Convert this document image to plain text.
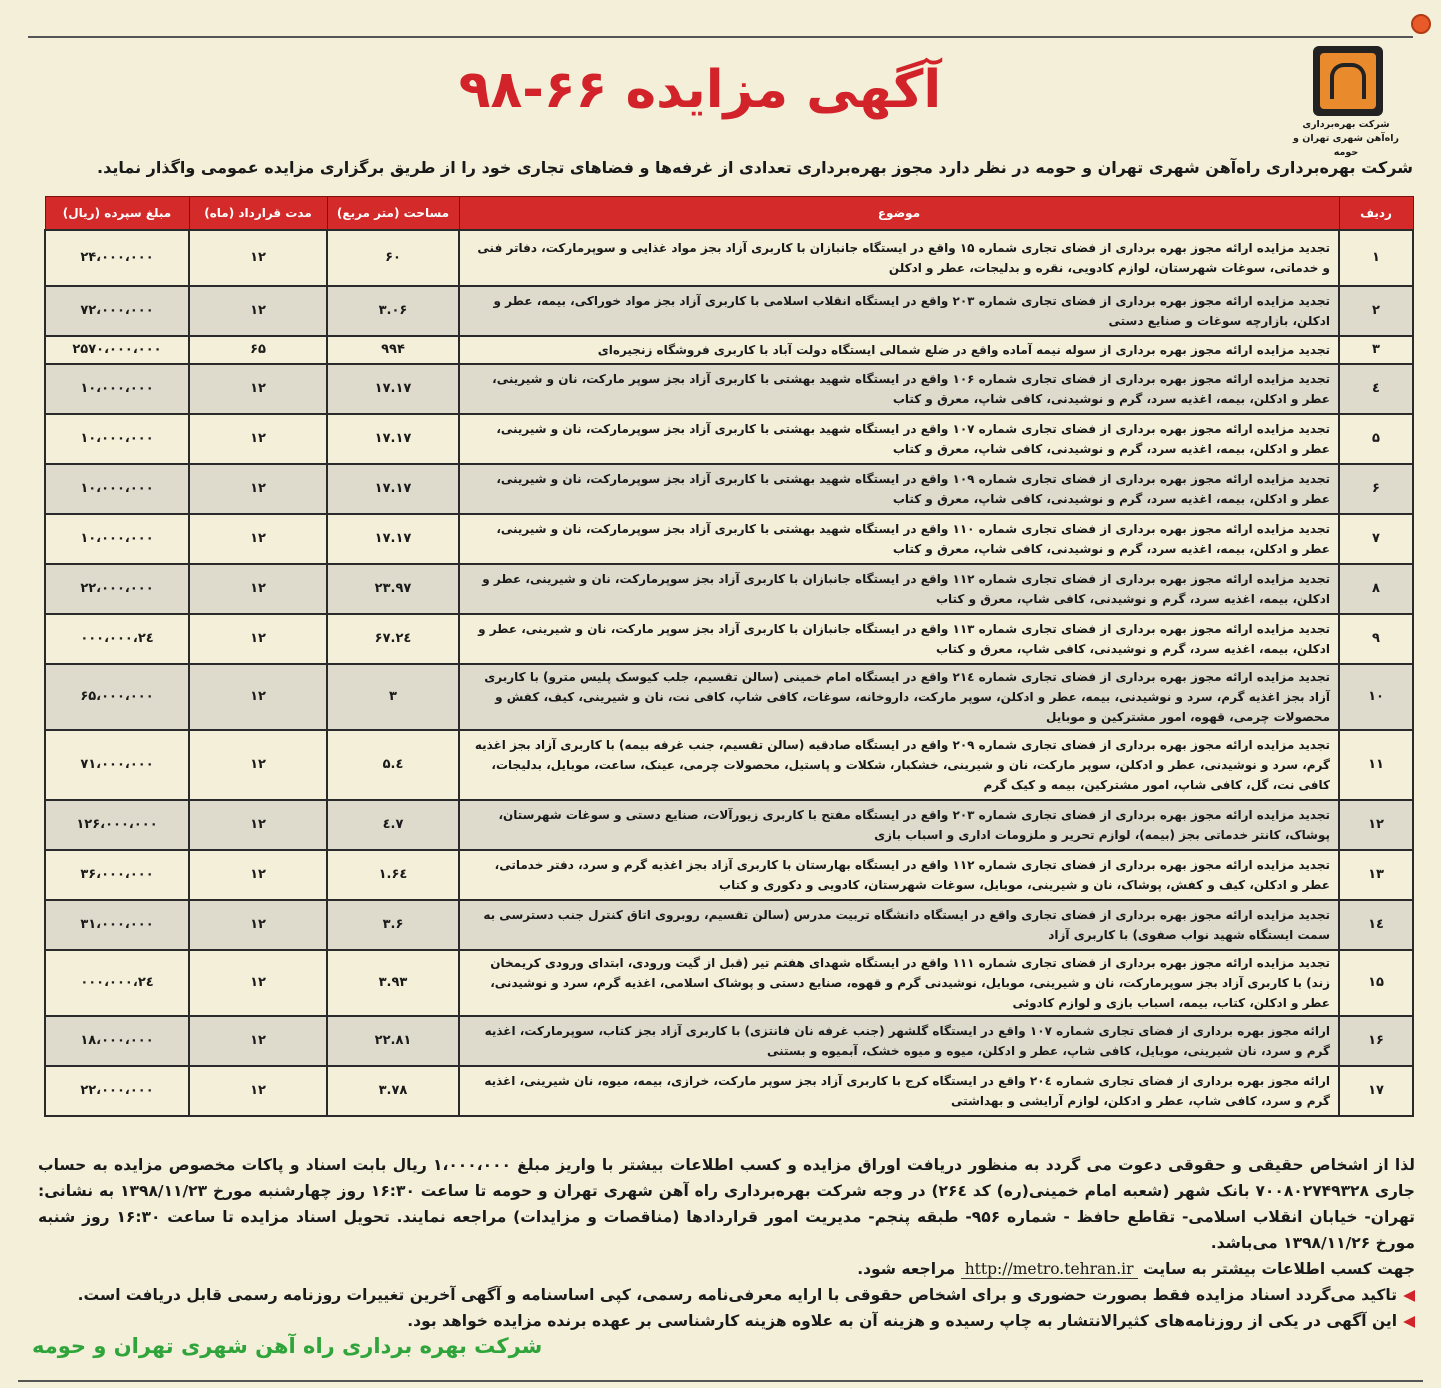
شرکت بهره‌برداری
راه‌آهن شهری تهران و حومه
آگهی مزایده ۶۶-۹۸
شرکت بهره‌برداری راه‌آهن شهری تهران و حومه در نظر دارد مجوز بهره‌برداری تعدادی از غرفه‌ها و فضاهای تجاری خود را از طریق برگزاری مزایده عمومی واگذار نماید.
ردیف	موضوع	مساحت (متر مربع)	مدت قرارداد (ماه)	مبلغ سپرده (ریال)
۱	تجدید مزایده ارائه مجوز بهره برداری از فضای تجاری شماره ۱۵ واقع در ایستگاه جانبازان با کاربری آزاد بجز مواد غذایی و سوپرمارکت، دفاتر فنی و خدماتی، سوغات شهرستان، لوازم کادویی، نقره و بدلیجات، عطر و ادکلن	۶۰	۱۲	۲۴،۰۰۰،۰۰۰
۲	تجدید مزایده ارائه مجوز بهره برداری از فضای تجاری شماره ۲۰۳ واقع در ایستگاه انقلاب اسلامی با کاربری آزاد بجز مواد خوراکی، بیمه، عطر و ادکلن، بازارچه سوغات و صنایع دستی	۳.۰۶	۱۲	۷۲،۰۰۰،۰۰۰
۳	تجدید مزایده ارائه مجوز بهره برداری از سوله نیمه آماده واقع در ضلع شمالی ایستگاه دولت آباد با کاربری فروشگاه زنجیره‌ای	۹۹۴	۶۵	۲۵۷۰،۰۰۰،۰۰۰
٤	تجدید مزایده ارائه مجوز بهره برداری از فضای تجاری شماره ۱۰۶ واقع در ایستگاه شهید بهشتی با کاربری آزاد بجز سوپر مارکت، نان و شیرینی، عطر و ادکلن، بیمه، اغذیه سرد، گرم و نوشیدنی، کافی شاپ، معرق و کتاب	۱۷.۱۷	۱۲	۱۰،۰۰۰،۰۰۰
۵	تجدید مزایده ارائه مجوز بهره برداری از فضای تجاری شماره ۱۰۷ واقع در ایستگاه شهید بهشتی با کاربری آزاد بجز سوپرمارکت، نان و شیرینی، عطر و ادکلن، بیمه، اغذیه سرد، گرم و نوشیدنی، کافی شاپ، معرق و کتاب	۱۷.۱۷	۱۲	۱۰،۰۰۰،۰۰۰
۶	تجدید مزایده ارائه مجوز بهره برداری از فضای تجاری شماره ۱۰۹ واقع در ایستگاه شهید بهشتی با کاربری آزاد بجز سوپرمارکت، نان و شیرینی، عطر و ادکلن، بیمه، اغذیه سرد، گرم و نوشیدنی، کافی شاپ، معرق و کتاب	۱۷.۱۷	۱۲	۱۰،۰۰۰،۰۰۰
۷	تجدید مزایده ارائه مجوز بهره برداری از فضای تجاری شماره ۱۱۰ واقع در ایستگاه شهید بهشتی با کاربری آزاد بجز سوپرمارکت، نان و شیرینی، عطر و ادکلن، بیمه، اغذیه سرد، گرم و نوشیدنی، کافی شاپ، معرق و کتاب	۱۷.۱۷	۱۲	۱۰،۰۰۰،۰۰۰
۸	تجدید مزایده ارائه مجوز بهره برداری از فضای تجاری شماره ۱۱۲ واقع در ایستگاه جانبازان با کاربری آزاد بجز سوپرمارکت، نان و شیرینی، عطر و ادکلن، بیمه، اغذیه سرد، گرم و نوشیدنی، کافی شاپ، معرق و کتاب	۲۳.۹۷	۱۲	۲۲،۰۰۰،۰۰۰
۹	تجدید مزایده ارائه مجوز بهره برداری از فضای تجاری شماره ۱۱۳ واقع در ایستگاه جانبازان با کاربری آزاد بجز سوپر مارکت، نان و شیرینی، عطر و ادکلن، بیمه، اغذیه سرد، گرم و نوشیدنی، کافی شاپ، معرق و کتاب	۲٤.۶۷	۱۲	۲٤،۰۰۰،۰۰۰
۱۰	تجدید مزایده ارائه مجوز بهره برداری از فضای تجاری شماره ۲۱٤ واقع در ایستگاه امام خمینی (سالن تقسیم، جلب کیوسک پلیس مترو) با کاربری آزاد بجز اغذیه گرم، سرد و نوشیدنی، بیمه، عطر و ادکلن، سوپر مارکت، داروخانه، سوغات، کافی شاپ، کافی نت، نان و شیرینی، کیف، کفش و محصولات چرمی، قهوه، امور مشترکین و موبایل	۳	۱۲	۶۵،۰۰۰،۰۰۰
۱۱	تجدید مزایده ارائه مجوز بهره برداری از فضای تجاری شماره ۲۰۹ واقع در ایستگاه صادقیه (سالن تقسیم، جنب غرفه بیمه) با کاربری آزاد بجز اغذیه گرم، سرد و نوشیدنی، عطر و ادکلن، سوپر مارکت، نان و شیرینی، خشکبار، شکلات و پاستیل، محصولات چرمی، عینک، ساعت، موبایل، بدلیجات، کافی نت، گل، کافی شاپ، امور مشترکین، بیمه و کیک گرم	٤.۵	۱۲	۷۱،۰۰۰،۰۰۰
۱۲	تجدید مزایده ارائه مجوز بهره برداری از فضای تجاری شماره ۲۰۳ واقع در ایستگاه مفتح با کاربری زیورآلات، صنایع دستی و سوغات شهرستان، پوشاک، کانتر خدماتی بجز (بیمه)، لوازم تحریر و ملزومات اداری و اسباب بازی	۷.٤	۱۲	۱۲۶،۰۰۰،۰۰۰
۱۳	تجدید مزایده ارائه مجوز بهره برداری از فضای تجاری شماره ۱۱۲ واقع در ایستگاه بهارستان با کاربری آزاد بجز اغذیه گرم و سرد، دفتر خدماتی، عطر و ادکلن، کیف و کفش، پوشاک، نان و شیرینی، موبایل، سوغات شهرستان، کادویی و دکوری و کتاب	۱.۶٤	۱۲	۳۶،۰۰۰،۰۰۰
۱٤	تجدید مزایده ارائه مجوز بهره برداری از فضای تجاری واقع در ایستگاه دانشگاه تربیت مدرس (سالن تقسیم، روبروی اتاق کنترل جنب دسترسی به سمت ایستگاه شهید نواب صفوی) با کاربری آزاد	۳.۶	۱۲	۳۱،۰۰۰،۰۰۰
۱۵	تجدید مزایده ارائه مجوز بهره برداری از فضای تجاری شماره ۱۱۱ واقع در ایستگاه شهدای هفتم تیر (قبل از گیت ورودی، ابتدای ورودی کریمخان زند) با کاربری آزاد بجز سوپرمارکت، نان و شیرینی، موبایل، نوشیدنی گرم و قهوه، صنایع دستی و پوشاک اسلامی، اغذیه گرم، سرد و نوشیدنی، عطر و ادکلن، کتاب، بیمه، اسباب بازی و لوازم کادوئی	۳.۹۳	۱۲	۲٤،۰۰۰،۰۰۰
۱۶	ارائه مجوز بهره برداری از فضای تجاری شماره ۱۰۷ واقع در ایستگاه گلشهر (جنب غرفه نان فانتزی) با کاربری آزاد بجز کتاب، سوپرمارکت، اغذیه گرم و سرد، نان شیرینی، موبایل، کافی شاپ، عطر و ادکلن، میوه و میوه خشک، آبمیوه و بستنی	۲۲.۸۱	۱۲	۱۸،۰۰۰،۰۰۰
۱۷	ارائه مجوز بهره برداری از فضای تجاری شماره ۲۰٤ واقع در ایستگاه کرج با کاربری آزاد بجز سوپر مارکت، خرازی، بیمه، میوه، نان شیرینی، اغذیه گرم و سرد، کافی شاپ، عطر و ادکلن، لوازم آرایشی و بهداشتی	۳.۷۸	۱۲	۲۲،۰۰۰،۰۰۰

لذا از اشخاص حقیقی و حقوقی دعوت می گردد به منظور دریافت اوراق مزایده و کسب اطلاعات بیشتر با واریز مبلغ ۱،۰۰۰،۰۰۰ ریال بابت اسناد و پاکات مخصوص مزایده به حساب جاری ۷۰۰۸۰۲۷۴۹۳۲۸ بانک شهر (شعبه امام خمینی(ره) کد ۲۶٤) در وجه شرکت بهره‌برداری راه آهن شهری تهران و حومه تا ساعت ۱۶:۳۰ روز چهارشنبه مورخ ۱۳۹۸/۱۱/۲۳ به نشانی: تهران- خیابان انقلاب اسلامی- تقاطع حافظ - شماره ۹۵۶- طبقه پنجم- مدیریت امور قراردادها (مناقصات و مزایدات) مراجعه نمایند. تحویل اسناد مزایده تا ساعت ۱۶:۳۰ روز شنبه مورخ ۱۳۹۸/۱۱/۲۶ می‌باشد.

جهت کسب اطلاعات بیشتر به سایت http://metro.tehran.ir مراجعه شود.

◀تاکید می‌گردد اسناد مزایده فقط بصورت حضوری و برای اشخاص حقوقی با ارایه معرفی‌نامه رسمی، کپی اساسنامه و آگهی آخرین تغییرات روزنامه رسمی قابل دریافت است.

◀این آگهی در یکی از روزنامه‌های کثیرالانتشار به چاپ رسیده و هزینه آن به علاوه هزینه کارشناسی بر عهده برنده مزایده خواهد بود.

شرکت بهره برداری راه آهن شهری تهران و حومه
